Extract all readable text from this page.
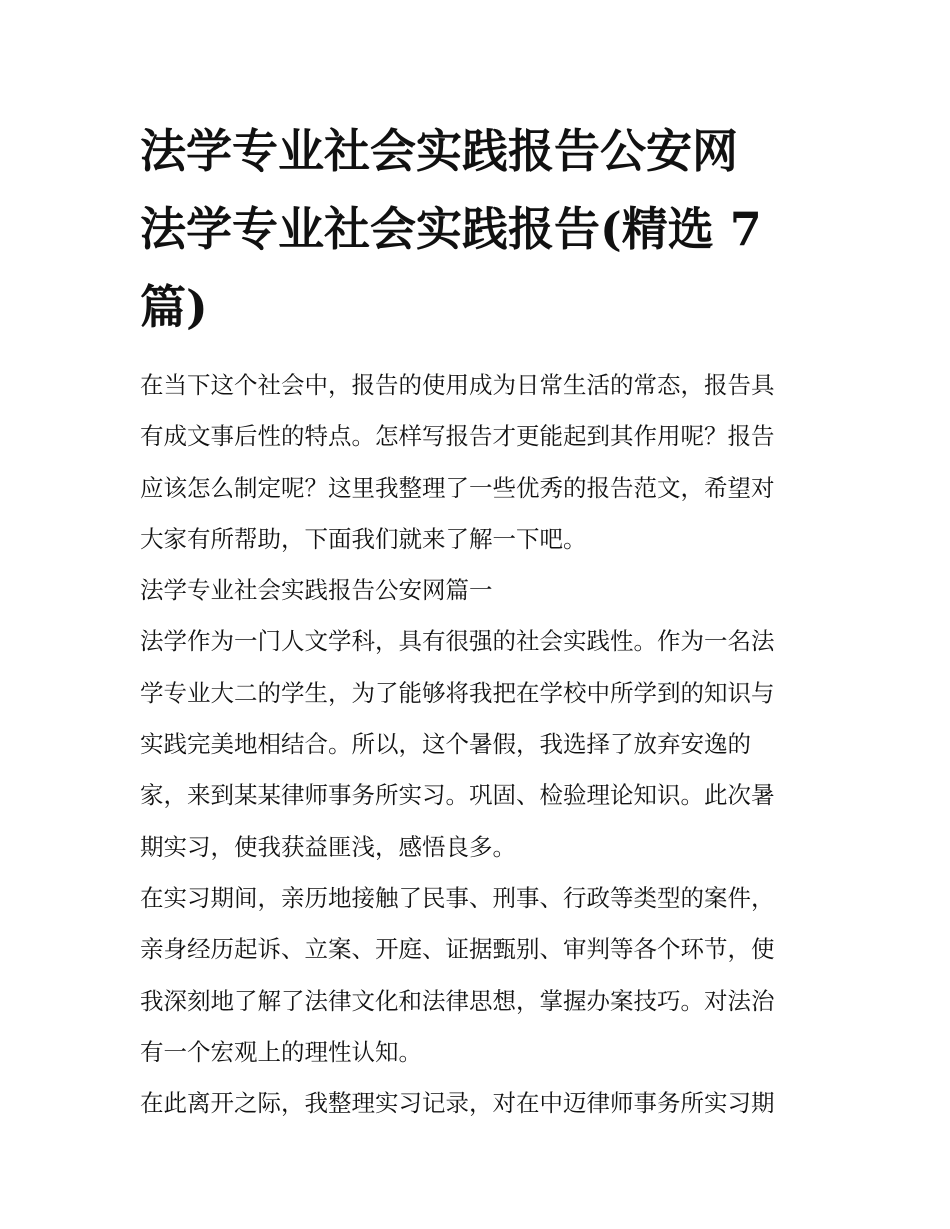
法学专业社会实践报告公安网
法学专业社会实践报告(精选 7
篇)

在当下这个社会中，报告的使用成为日常生活的常态，报告具
有成文事后性的特点。怎样写报告才更能起到其作用呢？报告
应该怎么制定呢？这里我整理了一些优秀的报告范文，希望对
大家有所帮助，下面我们就来了解一下吧。

法学专业社会实践报告公安网篇一

法学作为一门人文学科，具有很强的社会实践性。作为一名法
学专业大二的学生，为了能够将我把在学校中所学到的知识与
实践完美地相结合。所以，这个暑假，我选择了放弃安逸的
家，来到某某律师事务所实习。巩固、检验理论知识。此次暑
期实习，使我获益匪浅，感悟良多。

在实习期间，亲历地接触了民事、刑事、行政等类型的案件，
亲身经历起诉、立案、开庭、证据甄别、审判等各个环节，使
我深刻地了解了法律文化和法律思想，掌握办案技巧。对法治
有一个宏观上的理性认知。

在此离开之际，我整理实习记录，对在中迈律师事务所实习期
